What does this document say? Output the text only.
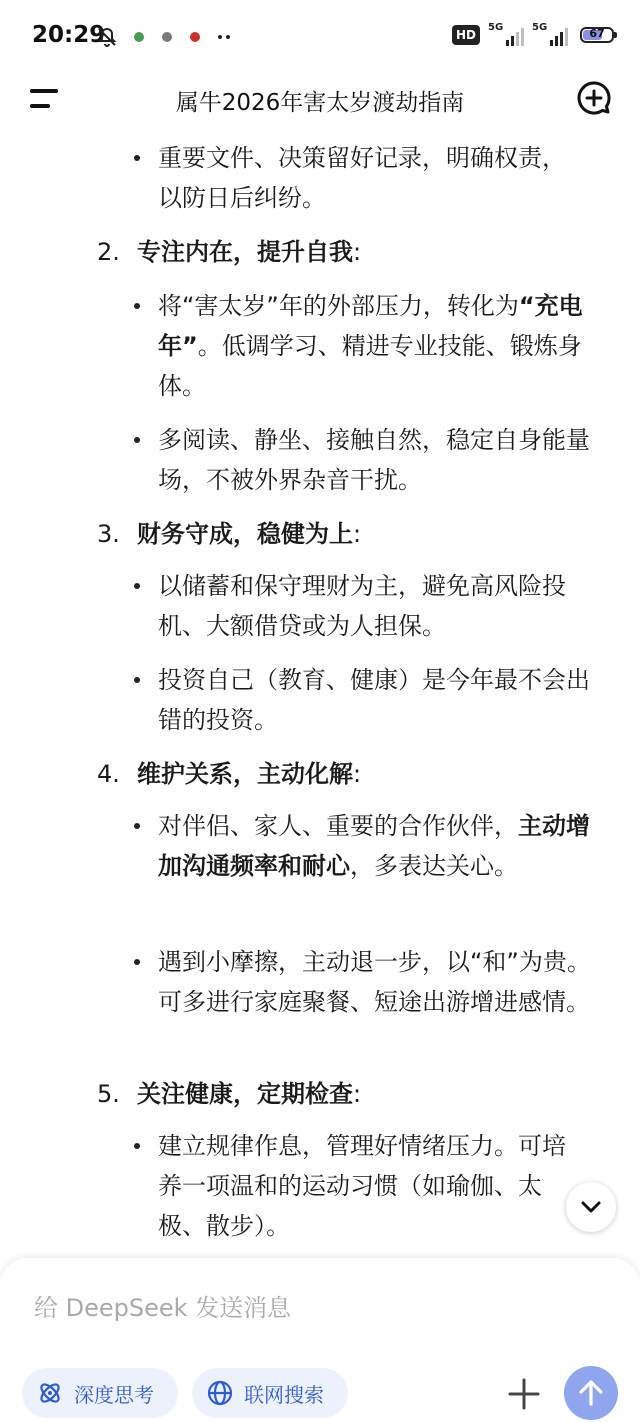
20:29	HD
5G	5G	67
属牛2026年害太岁渡劫指南
重要文件、决策留好记录，明确权责，以防日后纠纷。
2. 专注内在，提升自我:
将“害太岁”年的外部压力，转化为“充电年”。低调学习、精进专业技能、锻炼身体。
多阅读、静坐、接触自然，稳定自身能量场，不被外界杂音干扰。
3. 财务守成，稳健为上:
以储蓄和保守理财为主，避免高风险投机、大额借贷或为人担保。
投资自己（教育、健康）是今年最不会出错的投资。
4. 维护关系，主动化解:
对伴侣、家人、重要的合作伙伴，主动增加沟通频率和耐心，多表达关心。
遇到小摩擦，主动退一步，以“和”为贵。可多进行家庭聚餐、短途出游增进感情。
5. 关注健康，定期检查:
建立规律作息，管理好情绪压力。可培养一项温和的运动习惯（如瑜伽、太极、散步）。
给 DeepSeek 发送消息
深度思考	联网搜索
